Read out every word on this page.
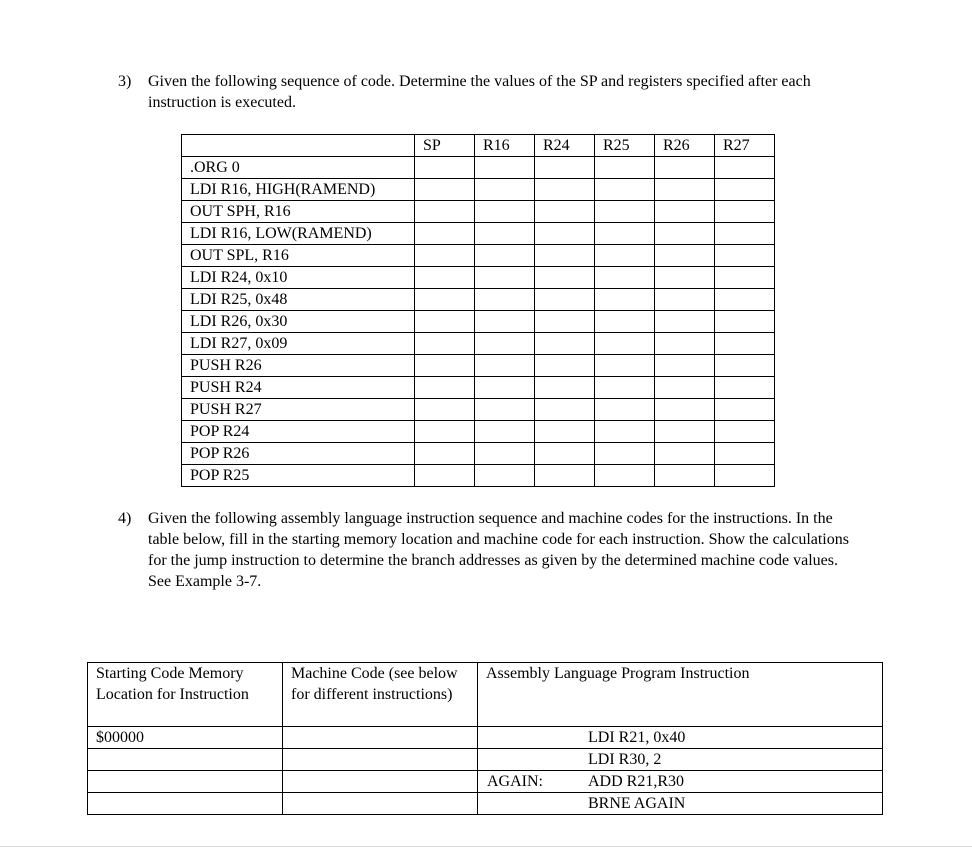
3) Given the following sequence of code. Determine the values of the SP and registers specified after each instruction is executed.
	SP	R16	R24	R25	R26	R27
.ORG 0						
LDI R16, HIGH(RAMEND)						
OUT SPH, R16						
LDI R16, LOW(RAMEND)						
OUT SPL, R16						
LDI R24, 0x10						
LDI R25, 0x48						
LDI R26, 0x30						
LDI R27, 0x09						
PUSH R26						
PUSH R24						
PUSH R27						
POP R24						
POP R26						
POP R25						
4) Given the following assembly language instruction sequence and machine codes for the instructions. In the table below, fill in the starting memory location and machine code for each instruction. Show the calculations for the jump instruction to determine the branch addresses as given by the determined machine code values. See Example 3-7.
Starting Code Memory Location for Instruction	Machine Code (see below for different instructions)	Assembly Language Program Instruction
$00000		LDI R21, 0x40

		LDI R30, 2

		AGAIN: ADD R21,R30

		BRNE AGAIN
